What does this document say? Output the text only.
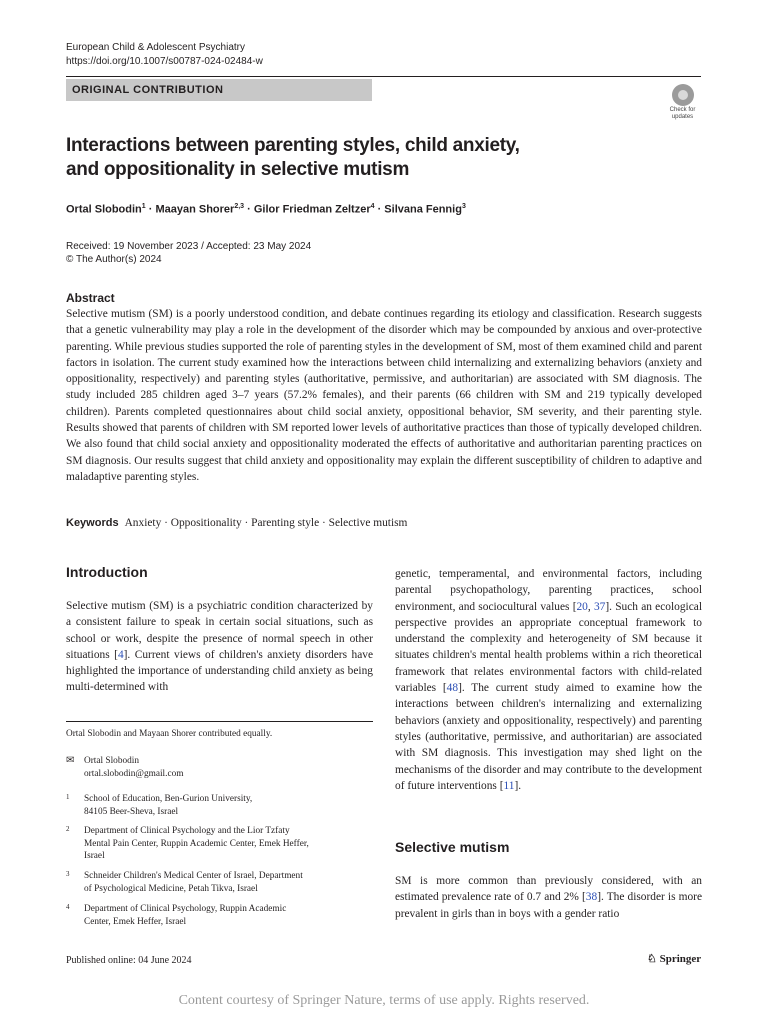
European Child & Adolescent Psychiatry
https://doi.org/10.1007/s00787-024-02484-w
ORIGINAL CONTRIBUTION
Check for
updates
Interactions between parenting styles, child anxiety,
and oppositionality in selective mutism
Ortal Slobodin$^1$ · Maayan Shorer$^{2,3}$ · Gilor Friedman Zeltzer$^4$ · Silvana Fennig$^3$
Received: 19 November 2023 / Accepted: 23 May 2024
© The Author(s) 2024
Abstract
Selective mutism (SM) is a poorly understood condition, and debate continues regarding its etiology and classification. Research suggests that a genetic vulnerability may play a role in the development of the disorder which may be compounded by anxious and over-protective parenting. While previous studies supported the role of parenting styles in the development of SM, most of them examined child and parent factors in isolation. The current study examined how the interactions between child internalizing and externalizing behaviors (anxiety and oppositionality, respectively) and parenting styles (authoritative, permissive, and authoritarian) are associated with SM diagnosis. The study included 285 children aged 3–7 years (57.2% females), and their parents (66 children with SM and 219 typically developed children). Parents completed questionnaires about child social anxiety, oppositional behavior, SM severity, and their parenting style. Results showed that parents of children with SM reported lower levels of authoritative practices than those of typically developed children. We also found that child social anxiety and oppositionality moderated the effects of authoritative and authoritarian parenting practices on SM diagnosis. Our results suggest that child anxiety and oppositionality may explain the different susceptibility of children to adaptive and maladaptive parenting styles.
Keywords Anxiety · Oppositionality · Parenting style · Selective mutism
Introduction
Selective mutism (SM) is a psychiatric condition characterized by a consistent failure to speak in certain social situations, such as school or work, despite the presence of normal speech in other situations [4]. Current views of children's anxiety disorders have highlighted the importance of understanding child anxiety as being multi-determined with
Ortal Slobodin and Mayaan Shorer contributed equally.
✉ Ortal Slobodin
ortal.slobodin@gmail.com
1 School of Education, Ben-Gurion University,
84105 Beer-Sheva, Israel
2 Department of Clinical Psychology and the Lior Tzfaty
Mental Pain Center, Ruppin Academic Center, Emek Heffer,
Israel
3 Schneider Children's Medical Center of Israel, Department
of Psychological Medicine, Petah Tikva, Israel
4 Department of Clinical Psychology, Ruppin Academic
Center, Emek Heffer, Israel
genetic, temperamental, and environmental factors, including parental psychopathology, parenting practices, school environment, and sociocultural values [20, 37]. Such an ecological perspective provides an appropriate conceptual framework to understand the complexity and heterogeneity of SM because it situates children's mental health problems within a rich theoretical framework that relates environmental factors with child-related variables [48]. The current study aimed to examine how the interactions between children's internalizing and externalizing behaviors (anxiety and oppositionality, respectively) and parenting styles (authoritative, permissive, and authoritarian) are associated with SM diagnosis. This investigation may shed light on the mechanisms of the disorder and may contribute to the development of future interventions [11].
Selective mutism
SM is more common than previously considered, with an estimated prevalence rate of 0.7 and 2% [38]. The disorder is more prevalent in girls than in boys with a gender ratio
Published online: 04 June 2024	♘ Springer
Content courtesy of Springer Nature, terms of use apply. Rights reserved.
